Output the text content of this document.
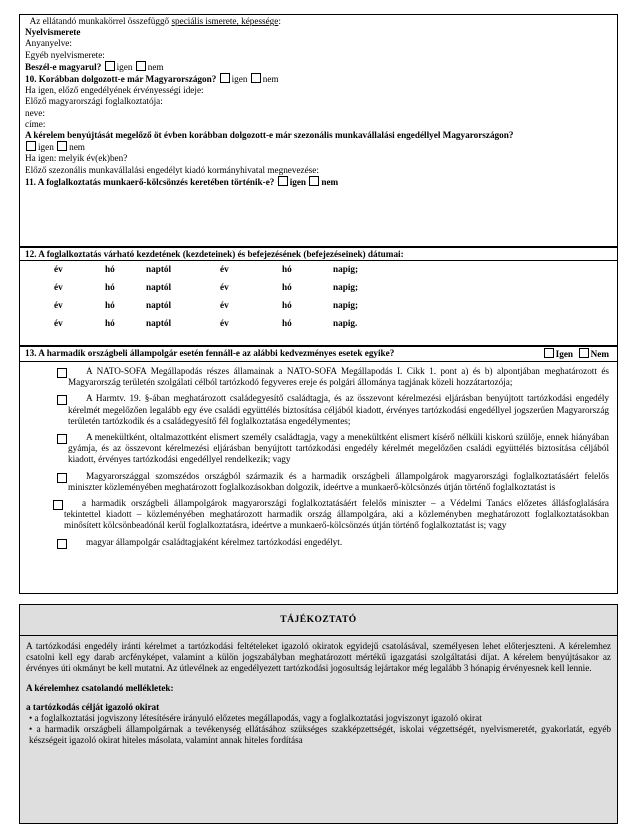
Az ellátandó munkakörrel összefüggő speciális ismerete, képessége:
Nyelvismerete
Anyanyelve:
Egyéb nyelvismerete:
Beszél-e magyarul? igen nem
10. Korábban dolgozott-e már Magyarországon? igen nem
Ha igen, előző engedélyének érvényességi ideje:
Előző magyarországi foglalkoztatója:
neve:
címe:
A kérelem benyújtását megelőző öt évben korábban dolgozott-e már szezonális munkavállalási engedéllyel Magyarországon?
igen nem
Ha igen: melyik év(ek)ben?
Előző szezonális munkavállalási engedélyt kiadó kormányhivatal megnevezése:
11. A foglalkoztatás munkaerő-kölcsönzés keretében történik-e? igen nem
12. A foglalkoztatás várható kezdetének (kezdeteinek) és befejezésének (befejezéseinek) dátumai:
év	hó	naptól	év	hó	napig;
év	hó	naptól	év	hó	napig;
év	hó	naptól	év	hó	napig;
év	hó	naptól	év	hó	napig.
13. A harmadik országbeli állampolgár esetén fennáll-e az alábbi kedvezményes esetek egyike?	Igen Nem
A NATO-SOFA Megállapodás részes államainak a NATO-SOFA Megállapodás I. Cikk 1. pont a) és b) alpontjában meghatározott és Magyarország területén szolgálati célból tartózkodó fegyveres ereje és polgári állománya tagjának közeli hozzátartozója;
A Harmtv. 19. §-ában meghatározott családegyesítő családtagja, és az összevont kérelmezési eljárásban benyújtott tartózkodási engedély kérelmét megelőzően legalább egy éve családi együttélés biztosítása céljából kiadott, érvényes tartózkodási engedéllyel jogszerűen Magyarország területén tartózkodik és a családegyesítő fél foglalkoztatása engedélymentes;
A menekültként, oltalmazottként elismert személy családtagja, vagy a menekültként elismert kísérő nélküli kiskorú szülője, ennek hiányában gyámja, és az összevont kérelmezési eljárásban benyújtott tartózkodási engedély kérelmét megelőzően családi együttélés biztosítása céljából kiadott, érvényes tartózkodási engedéllyel rendelkezik; vagy
Magyarországgal szomszédos országból származik és a harmadik országbeli állampolgárok magyarországi foglalkoztatásáért felelős miniszter közleményében meghatározott foglalkozásokban dolgozik, ideértve a munkaerő-kölcsönzés útján történő foglalkoztatást is
a harmadik országbeli állampolgárok magyarországi foglalkoztatásáért felelős miniszter – a Védelmi Tanács előzetes állásfoglalására tekintettel kiadott – közleményében meghatározott harmadik ország állampolgára, aki a közleményben meghatározott foglalkoztatásokban minősített kölcsönbeadónál kerül foglalkoztatásra, ideértve a munkaerő-kölcsönzés útján történő foglalkoztatást is; vagy
magyar állampolgár családtagjaként kérelmez tartózkodási engedélyt.
TÁJÉKOZTATÓ
A tartózkodási engedély iránti kérelmet a tartózkodási feltételeket igazoló okiratok egyidejű csatolásával, személyesen lehet előterjeszteni. A kérelemhez csatolni kell egy darab arcfényképet, valamint a külön jogszabályban meghatározott mértékű igazgatási szolgáltatási díjat. A kérelem benyújtásakor az érvényes úti okmányt be kell mutatni. Az útlevélnek az engedélyezett tartózkodási jogosultság lejártakor még legalább 3 hónapig érvényesnek kell lennie.
A kérelemhez csatolandó mellékletek:
a tartózkodás célját igazoló okirat
• a foglalkoztatási jogviszony létesítésére irányuló előzetes megállapodás, vagy a foglalkoztatási jogviszonyt igazoló okirat
• a harmadik országbeli állampolgárnak a tevékenység ellátásához szükséges szakképzettségét, iskolai végzettségét, nyelvismeretét, gyakorlatát, egyéb készségeit igazoló okirat hiteles másolata, valamint annak hiteles fordítása
